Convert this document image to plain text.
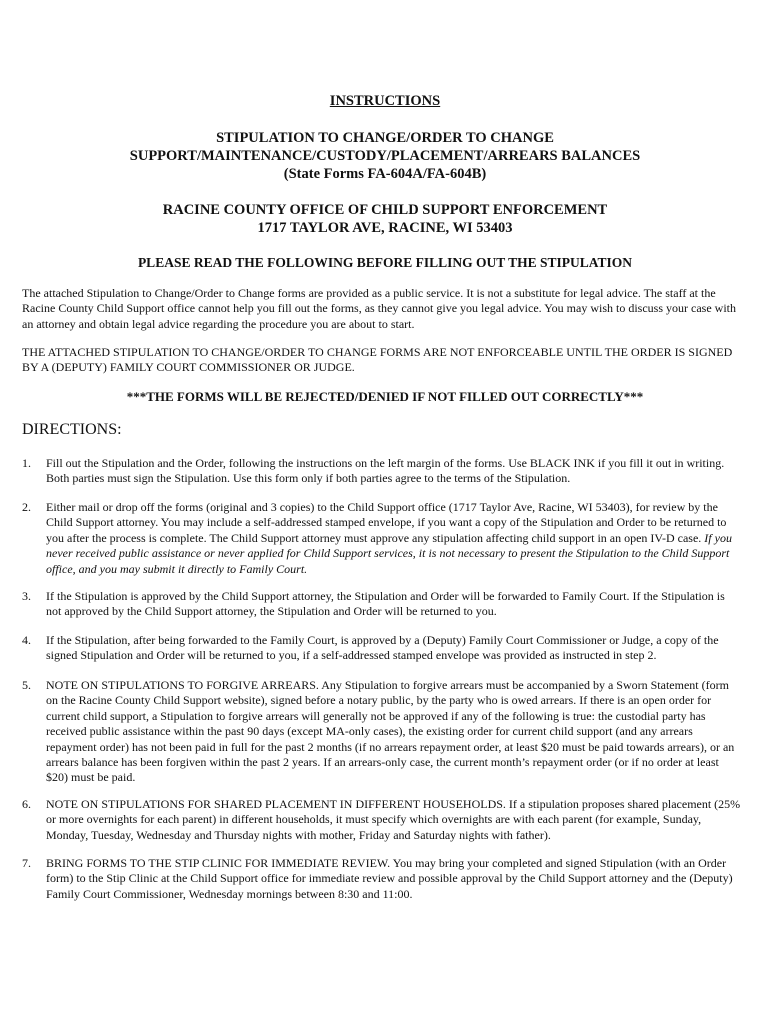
INSTRUCTIONS
STIPULATION TO CHANGE/ORDER TO CHANGE
SUPPORT/MAINTENANCE/CUSTODY/PLACEMENT/ARREARS BALANCES
(State Forms FA-604A/FA-604B)
RACINE COUNTY OFFICE OF CHILD SUPPORT ENFORCEMENT
1717 TAYLOR AVE, RACINE, WI 53403
PLEASE READ THE FOLLOWING BEFORE FILLING OUT THE STIPULATION

The attached Stipulation to Change/Order to Change forms are provided as a public service. It is not a substitute for legal advice. The staff at the Racine County Child Support office cannot help you fill out the forms, as they cannot give you legal advice. You may wish to discuss your case with an attorney and obtain legal advice regarding the procedure you are about to start.

THE ATTACHED STIPULATION TO CHANGE/ORDER TO CHANGE FORMS ARE NOT ENFORCEABLE UNTIL THE ORDER IS SIGNED BY A (DEPUTY) FAMILY COURT COMMISSIONER OR JUDGE.

***THE FORMS WILL BE REJECTED/DENIED IF NOT FILLED OUT CORRECTLY***
DIRECTIONS:
1. Fill out the Stipulation and the Order, following the instructions on the left margin of the forms. Use BLACK INK if you fill it out in writing. Both parties must sign the Stipulation. Use this form only if both parties agree to the terms of the Stipulation.
2. Either mail or drop off the forms (original and 3 copies) to the Child Support office (1717 Taylor Ave, Racine, WI 53403), for review by the Child Support attorney. You may include a self-addressed stamped envelope, if you want a copy of the Stipulation and Order to be returned to you after the process is complete. The Child Support attorney must approve any stipulation affecting child support in an open IV-D case. If you never received public assistance or never applied for Child Support services, it is not necessary to present the Stipulation to the Child Support office, and you may submit it directly to Family Court.
3. If the Stipulation is approved by the Child Support attorney, the Stipulation and Order will be forwarded to Family Court. If the Stipulation is not approved by the Child Support attorney, the Stipulation and Order will be returned to you.
4. If the Stipulation, after being forwarded to the Family Court, is approved by a (Deputy) Family Court Commissioner or Judge, a copy of the signed Stipulation and Order will be returned to you, if a self-addressed stamped envelope was provided as instructed in step 2.
5. NOTE ON STIPULATIONS TO FORGIVE ARREARS. Any Stipulation to forgive arrears must be accompanied by a Sworn Statement (form on the Racine County Child Support website), signed before a notary public, by the party who is owed arrears. If there is an open order for current child support, a Stipulation to forgive arrears will generally not be approved if any of the following is true: the custodial party has received public assistance within the past 90 days (except MA-only cases), the existing order for current child support (and any arrears repayment order) has not been paid in full for the past 2 months (if no arrears repayment order, at least $20 must be paid towards arrears), or an arrears balance has been forgiven within the past 2 years. If an arrears-only case, the current month’s repayment order (or if no order at least $20) must be paid.
6. NOTE ON STIPULATIONS FOR SHARED PLACEMENT IN DIFFERENT HOUSEHOLDS. If a stipulation proposes shared placement (25% or more overnights for each parent) in different households, it must specify which overnights are with each parent (for example, Sunday, Monday, Tuesday, Wednesday and Thursday nights with mother, Friday and Saturday nights with father).
7. BRING FORMS TO THE STIP CLINIC FOR IMMEDIATE REVIEW. You may bring your completed and signed Stipulation (with an Order form) to the Stip Clinic at the Child Support office for immediate review and possible approval by the Child Support attorney and the (Deputy) Family Court Commissioner, Wednesday mornings between 8:30 and 11:00.
